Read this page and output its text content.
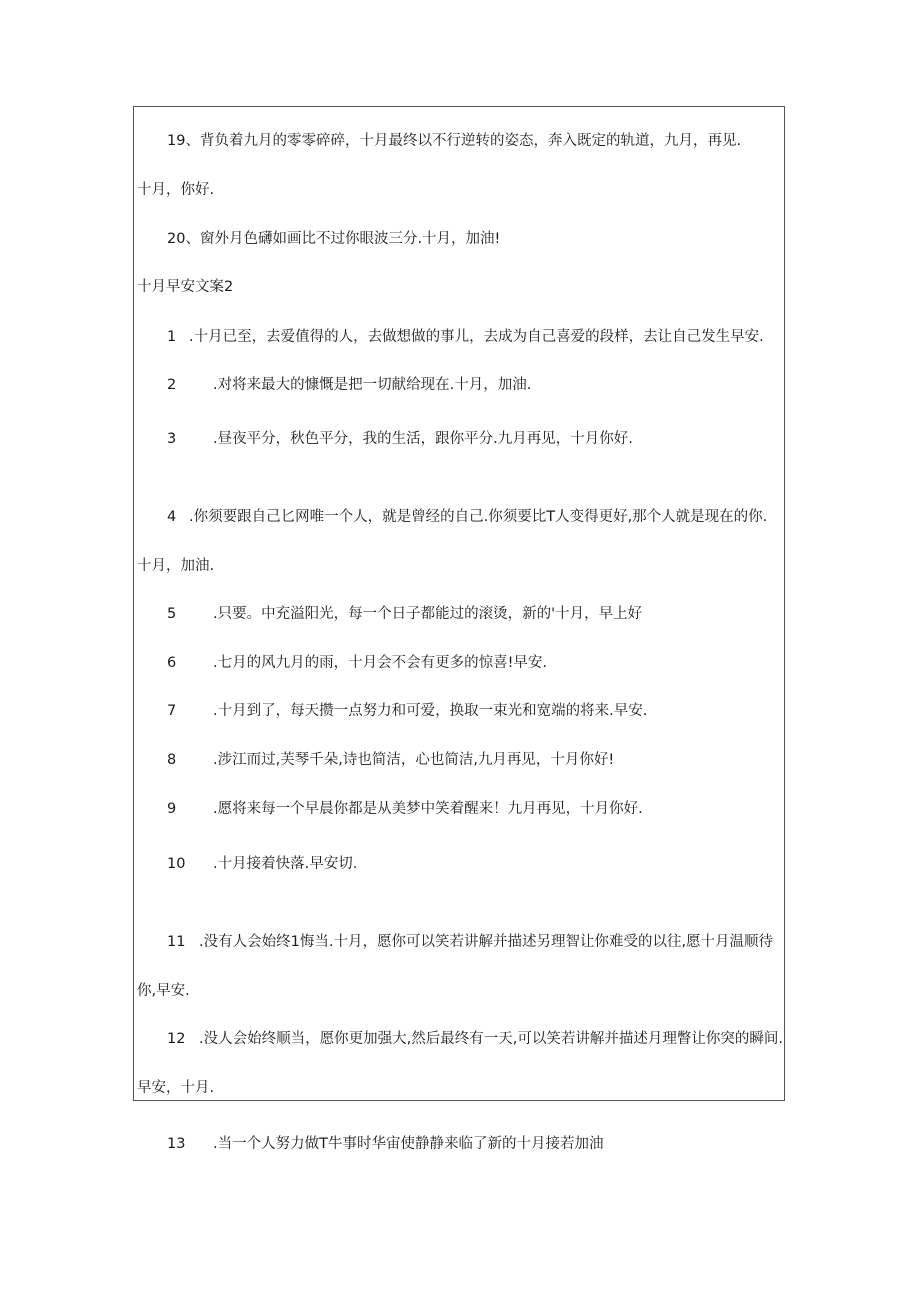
19、背负着九月的零零碎碎，十月最终以不行逆转的姿态，奔入既定的轨道，九月，再见.
十月，你好.
20、窗外月色礴如画比不过你眼波三分.十月，加油!
十月早安文案2
1 .十月已至，去爱值得的人，去做想做的事儿，去成为自己喜爱的段样，去让自己发生早安.
2	.对将来最大的慷慨是把一切献给现在.十月，加油.
3	.昼夜平分，秋色平分，我的生活，跟你平分.九月再见，十月你好.
4 .你须要跟自己匕网唯一个人，就是曾经的自己.你须要比T人变得更好,那个人就是现在的你.
十月，加油.
5	.只要。中充溢阳光，每一个日子都能过的滚烫，新的'十月，早上好
6	.七月的风九月的雨，十月会不会有更多的惊喜!早安.
7	.十月到了，每天攒一点努力和可爱，换取一束光和宽端的将来.早安.
8	.涉江而过,芙琴千朵,诗也简洁，心也简洁,九月再见，十月你好!
9	.愿将来每一个早晨你都是从美梦中笑着醒来！九月再见，十月你好.
10 .十月接着快落.早安切.
11 .没有人会始终1悔当.十月，愿你可以笑若讲解并描述另理智让你难受的以往,愿十月温顺待
你,早安.
12 .没人会始终顺当，愿你更加强大,然后最终有一天,可以笑若讲解并描述月理瞥让你突的瞬间.
早安，十月.
13 .当一个人努力做T牛事时华宙使静静来临了新的十月接若加油
